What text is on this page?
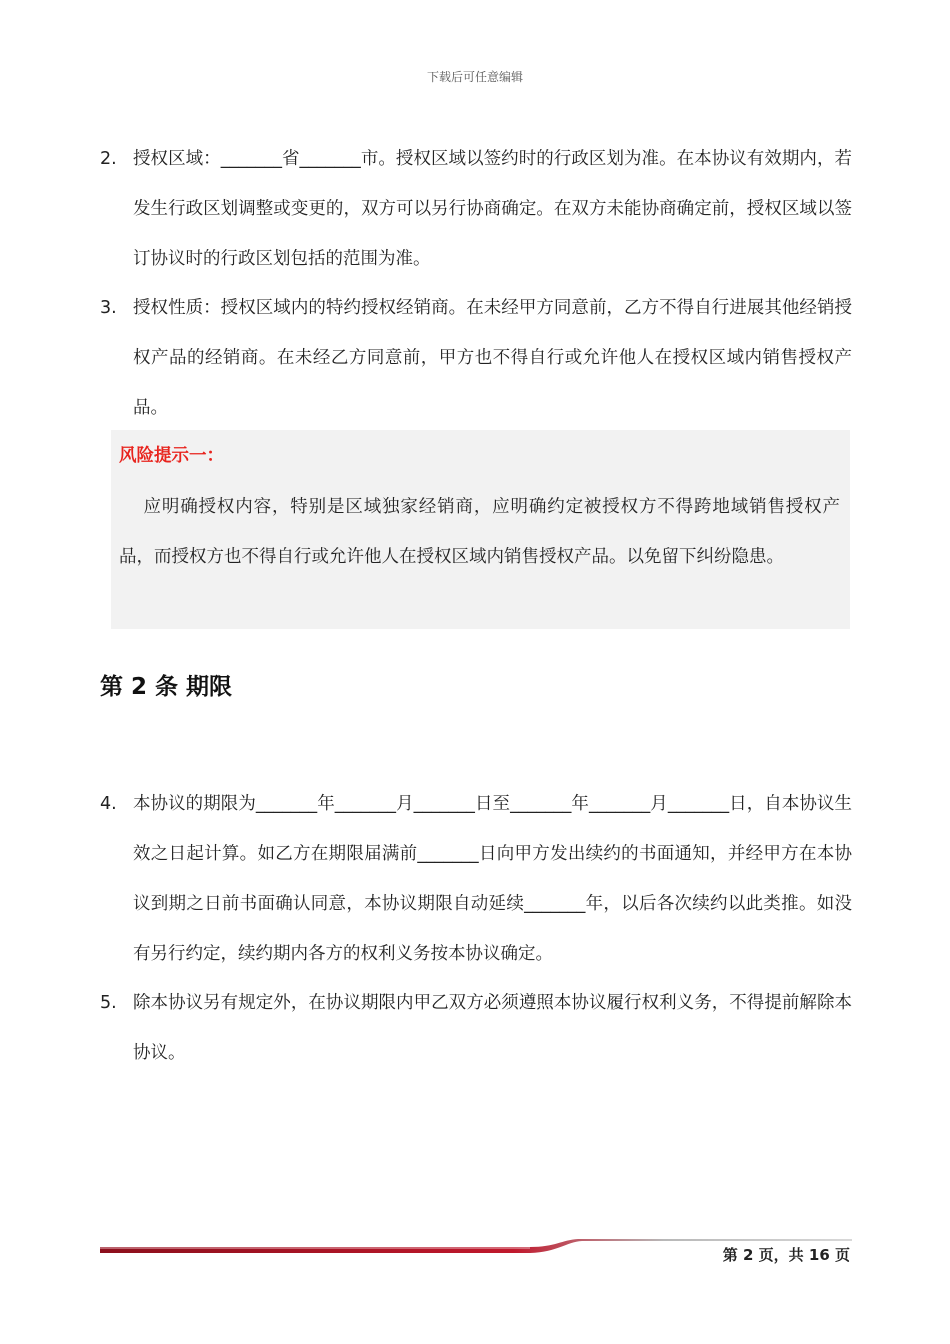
下载后可任意编辑
2. 授权区域：_______省_______市。授权区域以签约时的行政区划为准。在本协议有效期内，若发生行政区划调整或变更的，双方可以另行协商确定。在双方未能协商确定前，授权区域以签订协议时的行政区划包括的范围为准。
3. 授权性质：授权区域内的特约授权经销商。在未经甲方同意前，乙方不得自行进展其他经销授权产品的经销商。在未经乙方同意前，甲方也不得自行或允许他人在授权区域内销售授权产品。
风险提示一：
应明确授权内容，特别是区域独家经销商，应明确约定被授权方不得跨地域销售授权产品，而授权方也不得自行或允许他人在授权区域内销售授权产品。以免留下纠纷隐患。
第 2 条 期限
4. 本协议的期限为_______年_______月_______日至_______年_______月_______日，自本协议生效之日起计算。如乙方在期限届满前_______日向甲方发出续约的书面通知，并经甲方在本协议到期之日前书面确认同意，本协议期限自动延续_______年，以后各次续约以此类推。如没有另行约定，续约期内各方的权利义务按本协议确定。
5. 除本协议另有规定外，在协议期限内甲乙双方必须遵照本协议履行权利义务，不得提前解除本协议。
第 2 页，共 16 页
